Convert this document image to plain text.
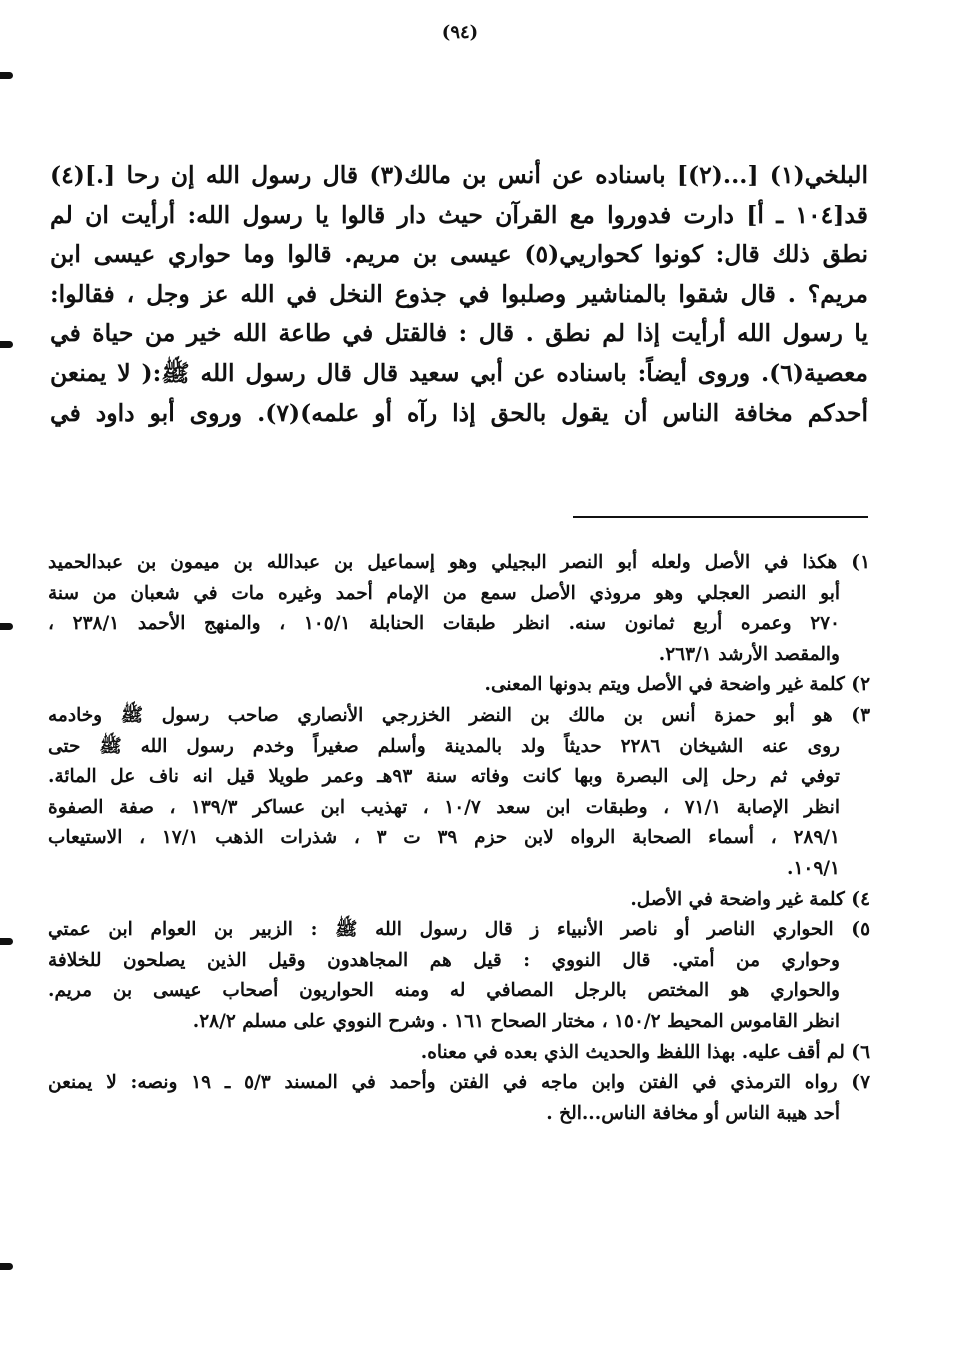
(٩٤)
البلخي(١) [...(٢)] باسناده عن أنس بن مالك(٣) قال رسول الله إن رحا [.](٤)
قد[١٠٤ ـ أ] دارت فدوروا مع القرآن حيث دار قالوا يا رسول الله: أرأيت ان لم
نطق ذلك قال: كونوا كحواريي(٥) عيسى بن مريم. قالوا وما حواري عيسى ابن
مريم؟ . قال شقوا بالمناشير وصلبوا في جذوع النخل في الله عز وجل ، فقالوا:
يا رسول الله أرأيت إذا لم نطق . قال : فالقتل في طاعة الله خير من حياة في
معصية(٦). وروى أيضاً: باسناده عن أبي سعيد قال قال رسول الله ﷺ:( لا يمنعن
أحدكم مخافة الناس أن يقول بالحق إذا رآه أو علمه)(٧). وروى أبو داود في
١) هكذا في الأصل ولعله أبو النصر البجيلي وهو إسماعيل بن عبدالله بن ميمون بن عبدالحميد
أبو النصر العجلي وهو مروذي الأصل سمع من الإمام أحمد وغيره مات في شعبان من سنة
٢٧٠ وعمره أربع ثمانون سنه. انظر طبقات الحنابلة ١٠٥/١ ، والمنهج الأحمد ٢٣٨/١ ،
والمقصد الأرشد ٢٦٣/١.
٢) كلمة غير واضحة في الأصل ويتم بدونها المعنى.
٣) هو أبو حمزة أنس بن مالك بن النضر الخزرجي الأنصاري صاحب رسول ﷺ وخادمه
روى عنه الشيخان ٢٢٨٦ حديثاً ولد بالمدينة وأسلم صغيراً وخدم رسول الله ﷺ حتى
توفي ثم رحل إلى البصرة وبها كانت وفاته سنة ٩٣هـ وعمر طويلا قيل انه ناف عل المائة.
انظر الإصابة ٧١/١ ، وطبقات ابن سعد ١٠/٧ ، تهذيب ابن عساكر ١٣٩/٣ ، صفة الصفوة
٢٨٩/١ ، أسماء الصحابة الرواه لابن حزم ٣٩ ت ٣ ، شذرات الذهب ١٧/١ ، الاستيعاب
١٠٩/١.
٤) كلمة غير واضحة في الأصل.
٥) الحواري الناصر أو ناصر الأنبياء ز قال رسول الله ﷺ : الزبير بن العوام ابن عمتي
وحواري من أمتي. قال النووي : قيل هم المجاهدون وقيل الذين يصلحون للخلافة
والحواري هو المختص بالرجل المصافي له ومنه الحواريون أصحاب عيسى بن مريم.
انظر القاموس المحيط ١٥٠/٢ ، مختار الصحاح ١٦١ . وشرح النووي على مسلم ٢٨/٢.
٦) لم أقف عليه. بهذا اللفظ والحديث الذي بعده في معناه.
٧) رواه الترمذي في الفتن وابن ماجه في الفتن وأحمد في المسند ٥/٣ ـ ١٩ ونصه: لا يمنعن
أحد هيبة الناس أو مخافة الناس...الخ .
